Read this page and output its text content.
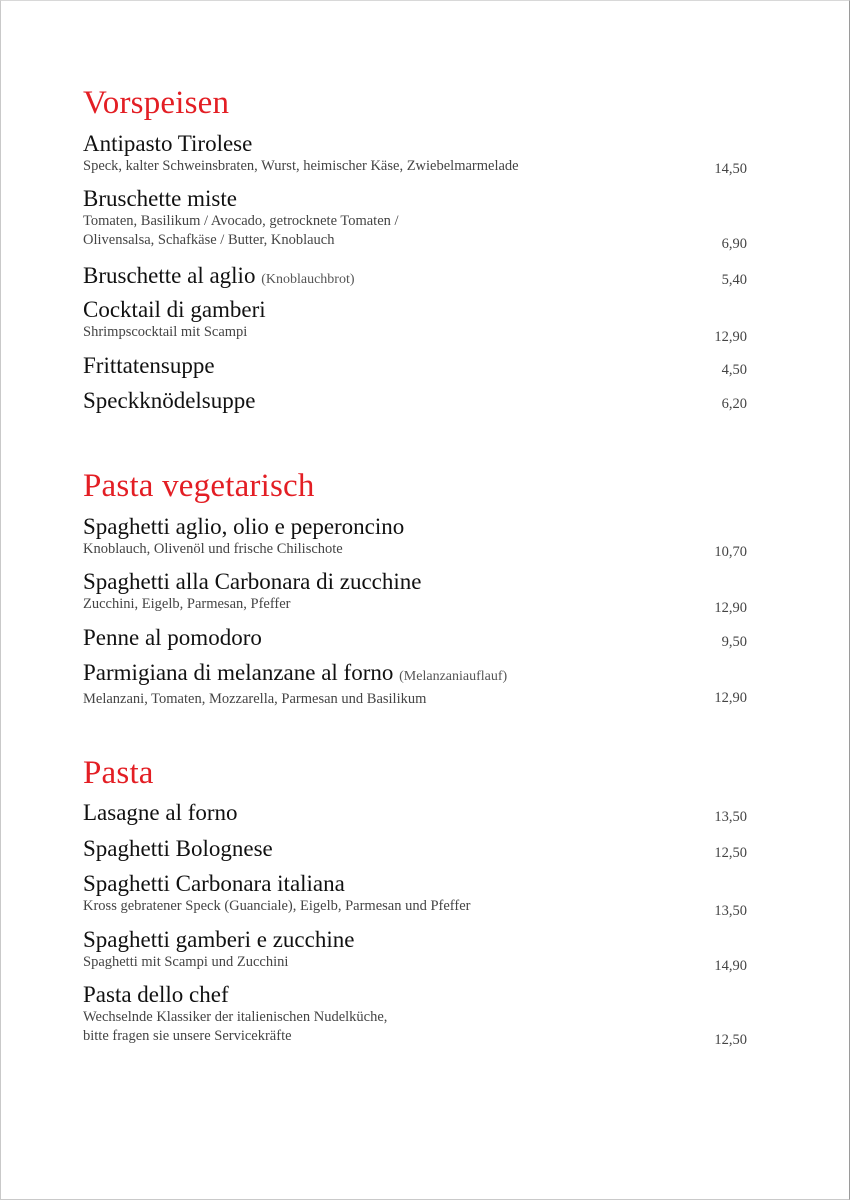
Vorspeisen
Antipasto Tirolese
Speck, kalter Schweinsbraten, Wurst, heimischer Käse, Zwiebelmarmelade	14,50
Bruschette miste
Tomaten, Basilikum / Avocado, getrocknete Tomaten /
Olivensalsa, Schafkäse / Butter, Knoblauch	6,90
Bruschette al aglio (Knoblauchbrot)	5,40
Cocktail di gamberi
Shrimpscocktail mit Scampi	12,90
Frittatensuppe	4,50
Speckknödelsuppe	6,20
Pasta vegetarisch
Spaghetti aglio, olio e peperoncino
Knoblauch, Olivenöl und frische Chilischote	10,70
Spaghetti alla Carbonara di zucchine
Zucchini, Eigelb, Parmesan, Pfeffer	12,90
Penne al pomodoro	9,50
Parmigiana di melanzane al forno (Melanzaniauflauf)
Melanzani, Tomaten, Mozzarella, Parmesan und Basilikum	12,90
Pasta
Lasagne al forno	13,50
Spaghetti Bolognese	12,50
Spaghetti Carbonara italiana
Kross gebratener Speck (Guanciale), Eigelb, Parmesan und Pfeffer	13,50
Spaghetti gamberi e zucchine
Spaghetti mit Scampi und Zucchini	14,90
Pasta dello chef
Wechselnde Klassiker der italienischen Nudelküche,
bitte fragen sie unsere Servicekräfte	12,50
